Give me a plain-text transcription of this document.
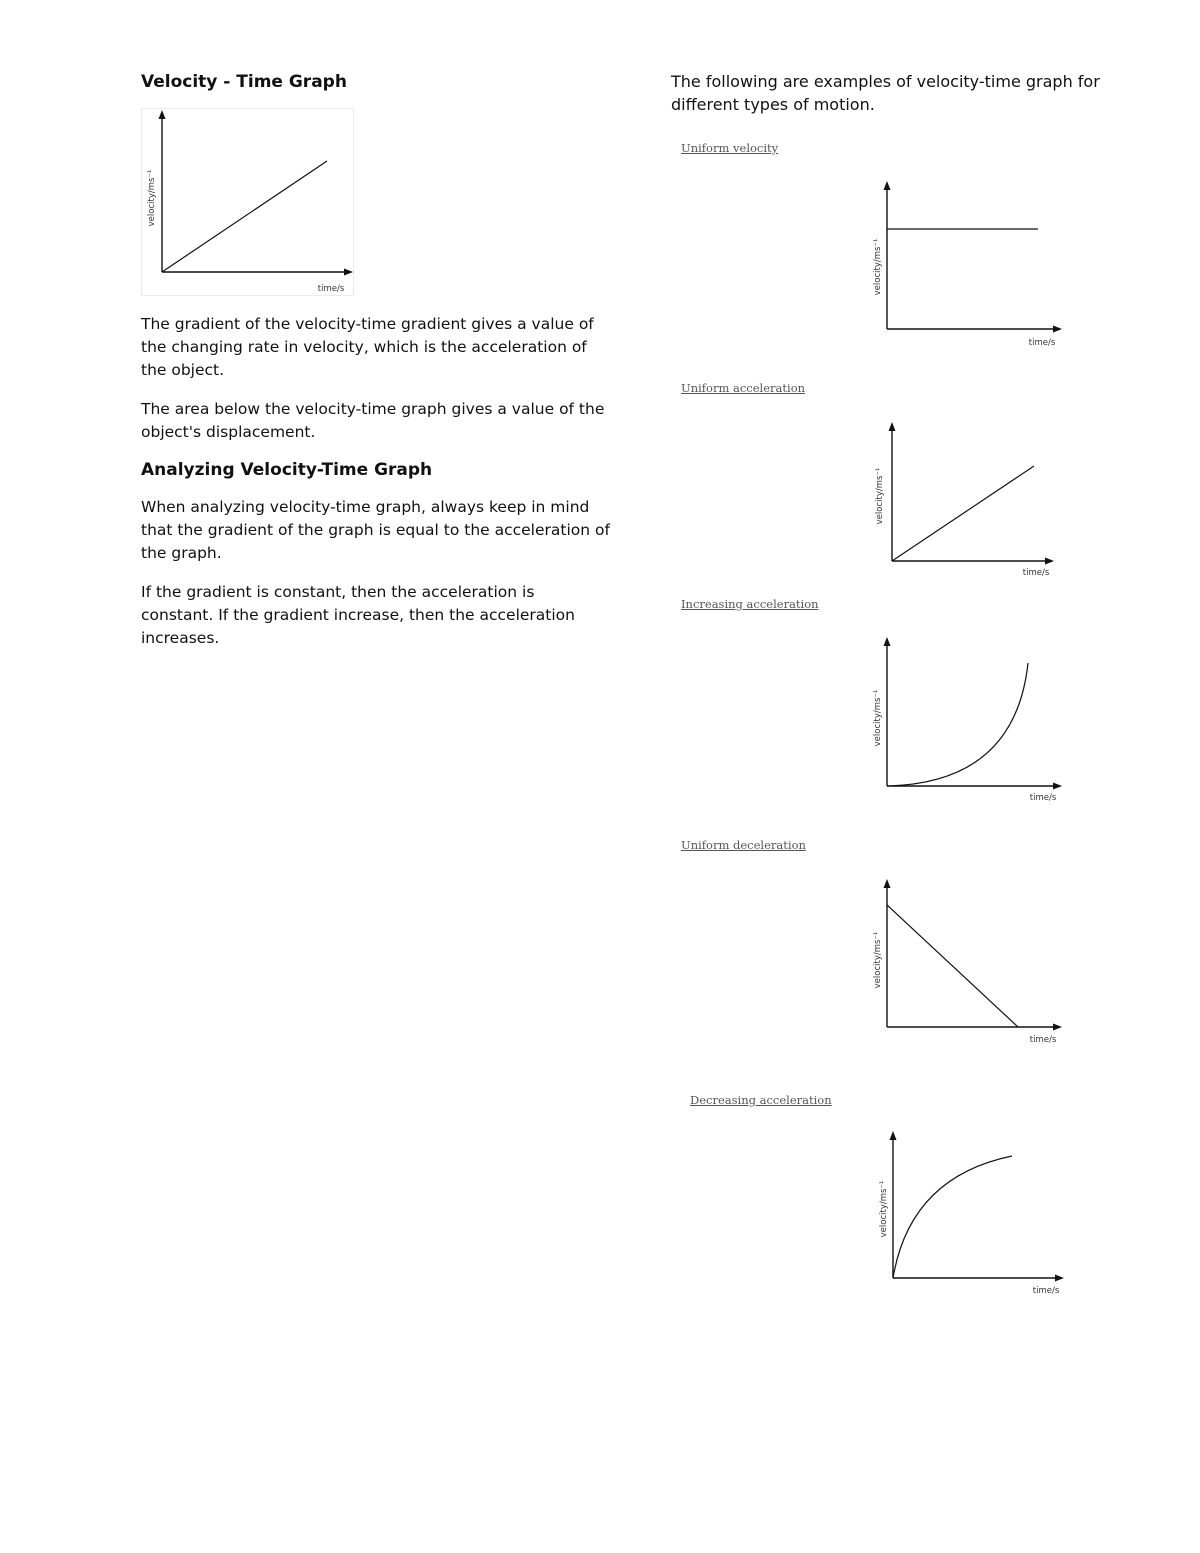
Velocity - Time Graph
velocity/ms⁻¹
time/s

The gradient of the velocity-time gradient gives a value of the changing rate in velocity, which is the acceleration of the object.

The area below the velocity-time graph gives a value of the object's displacement.

Analyzing Velocity-Time Graph

When analyzing velocity-time graph, always keep in mind that the gradient of the graph is equal to the acceleration of the graph.

If the gradient is constant, then the acceleration is constant. If the gradient increase, then the acceleration increases.

The following are examples of velocity-time graph for different types of motion.

Uniform velocity
velocity/ms⁻¹
time/s
Uniform acceleration
velocity/ms⁻¹
time/s
Increasing acceleration
velocity/ms⁻¹
time/s
Uniform deceleration
velocity/ms⁻¹
time/s
Decreasing acceleration
velocity/ms⁻¹
time/s
